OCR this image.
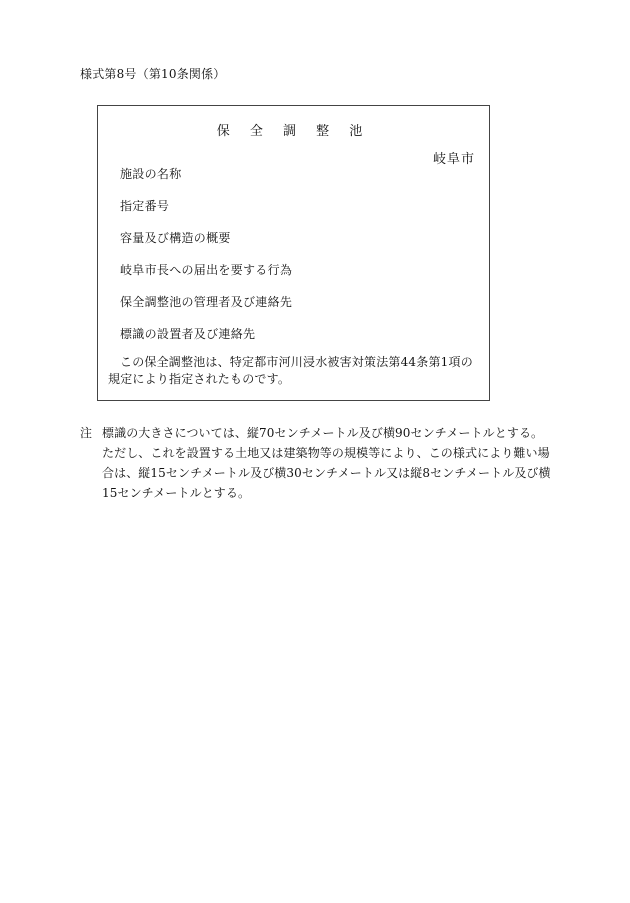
様式第8号（第10条関係）
保 全 調 整 池
岐阜市
施設の名称
指定番号
容量及び構造の概要
岐阜市長への届出を要する行為
保全調整池の管理者及び連絡先
標識の設置者及び連絡先
この保全調整池は、特定都市河川浸水被害対策法第44条第1項の規定により指定されたものです。
注 標識の大きさについては、縦70センチメートル及び横90センチメートルとする。ただし、これを設置する土地又は建築物等の規模等により、この様式により難い場合は、縦15センチメートル及び横30センチメートル又は縦8センチメートル及び横15センチメートルとする。
